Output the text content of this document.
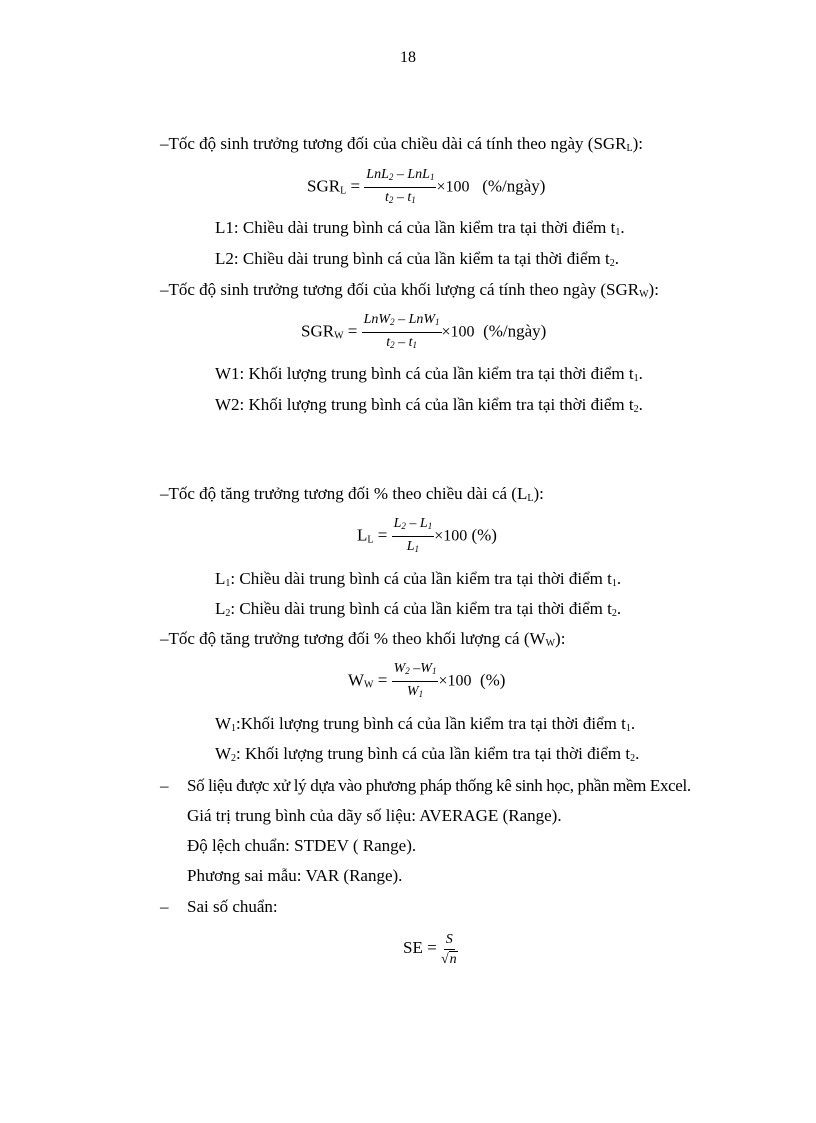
18
–Tốc độ sinh trưởng tương đối của chiều dài cá tính theo ngày $(SGR_L)$:
$SGR_L = \frac{LnL_2 - LnL_1}{t_2 - t_1} \times 100$ (%/ngày)
L1: Chiều dài trung bình cá của lần kiểm tra tại thời điểm $t_1$.
L2: Chiều dài trung bình cá của lần kiểm ta tại thời điểm $t_2$.
–Tốc độ sinh trưởng tương đối của khối lượng cá tính theo ngày $(SGR_W)$:
$SGR_W = \frac{LnW_2 - LnW_1}{t_2 - t_1} \times 100$ (%/ngày)
W1: Khối lượng trung bình cá của lần kiểm tra tại thời điểm $t_1$.
W2: Khối lượng trung bình cá của lần kiểm tra tại thời điểm $t_2$.
–Tốc độ tăng trưởng tương đối % theo chiều dài cá $(L_L)$:
$L_L = \frac{L_2 - L_1}{L_1} \times 100$ (%)
$L_1$: Chiều dài trung bình cá của lần kiểm tra tại thời điểm $t_1$.
$L_2$: Chiều dài trung bình cá của lần kiểm tra tại thời điểm $t_2$.
–Tốc độ tăng trưởng tương đối % theo khối lượng cá $(W_W)$:
$W_W = \frac{W_2 -W_1}{W_1} \times 100$ (%)
$W_1:Khối$ lượng trung bình cá của lần kiểm tra tại thời điểm $t_1$.
$W_2$: Khối lượng trung bình cá của lần kiểm tra tại thời điểm $t_2$.
– Số liệu được xử lý dựa vào phương pháp thống kê sinh học, phần mềm Excel.
Giá trị trung bình của dãy số liệu: AVERAGE (Range).
Độ lệch chuẩn: STDEV ( Range).
Phương sai mẫu: VAR (Range).
– Sai số chuẩn:
SE = $\frac{S}{√n}$
